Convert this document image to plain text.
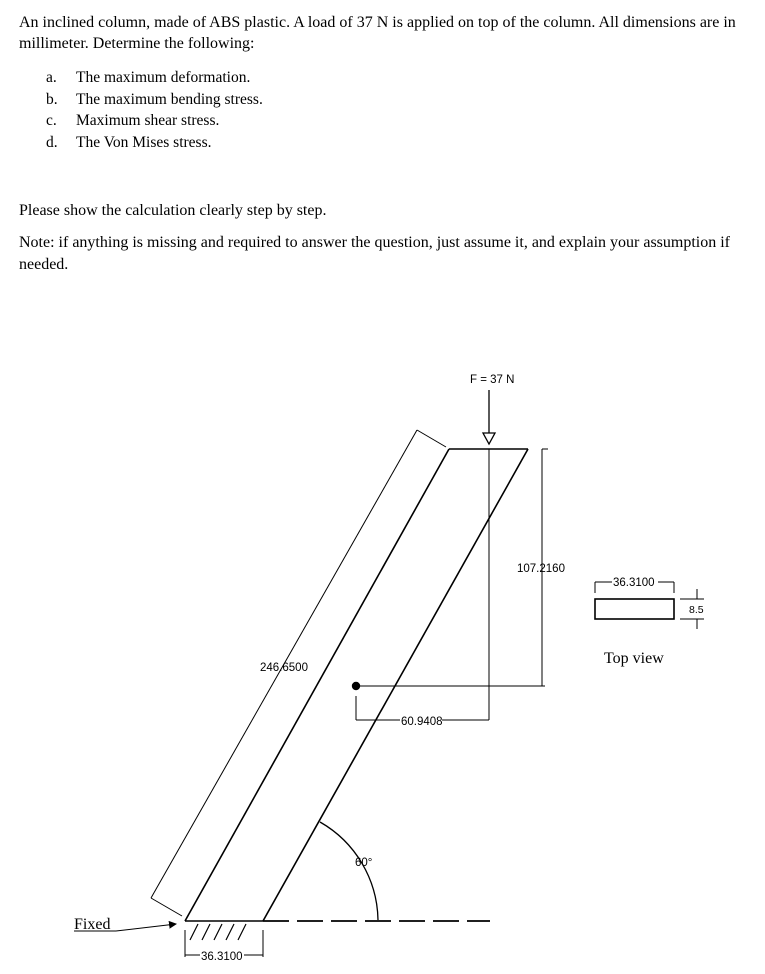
An inclined column, made of ABS plastic. A load of 37 N is applied on top of the column. All dimensions are in millimeter. Determine the following:

a. The maximum deformation.
b. The maximum bending stress.
c. Maximum shear stress.
d. The Von Mises stress.

Please show the calculation clearly step by step.

Note: if anything is missing and required to answer the question, just assume it, and explain your assumption if needed.

246.6500
F = 37 N
107.2160
60.9408
60°
Fixed
36.3100
36.3100
8.5
Top view
